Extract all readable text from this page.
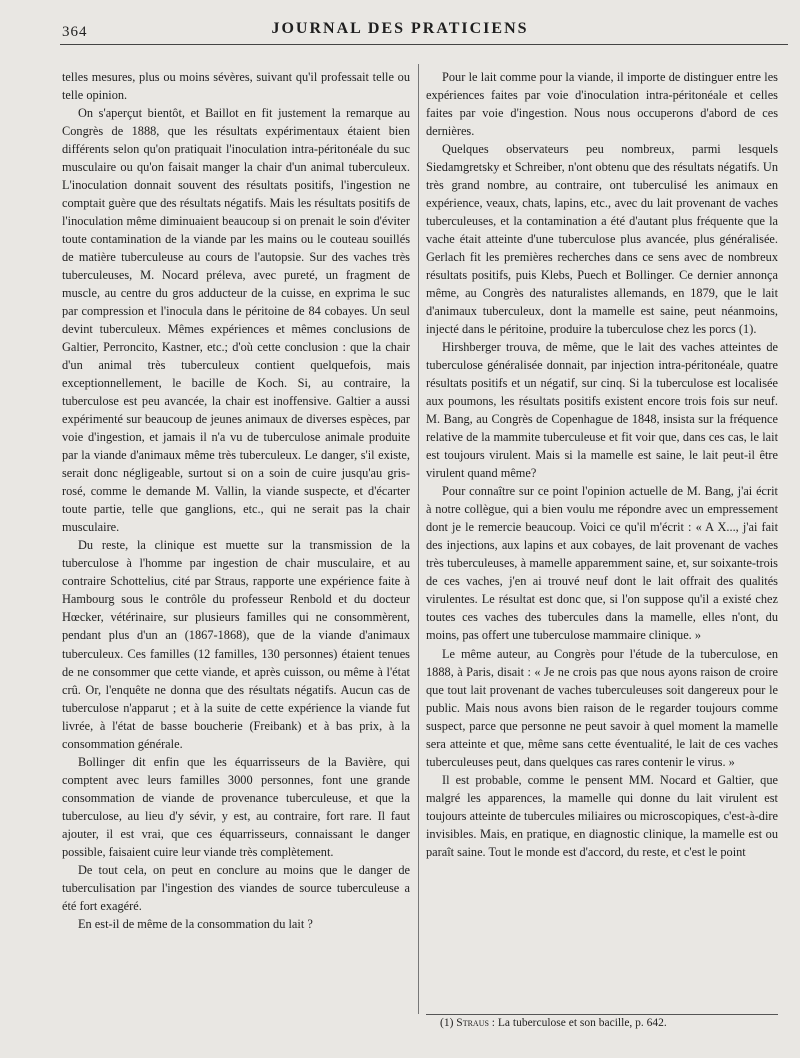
364	JOURNAL DES PRATICIENS

telles mesures, plus ou moins sévères, suivant qu'il professait telle ou telle opinion.

On s'aperçut bientôt, et Baillot en fit justement la remarque au Congrès de 1888, que les résultats expérimentaux étaient bien différents selon qu'on pratiquait l'inoculation intra-péritonéale du suc musculaire ou qu'on faisait manger la chair d'un animal tuberculeux. L'inoculation donnait souvent des résultats positifs, l'ingestion ne comptait guère que des résultats négatifs. Mais les résultats positifs de l'inoculation même diminuaient beaucoup si on prenait le soin d'éviter toute contamination de la viande par les mains ou le couteau souillés de matière tuberculeuse au cours de l'autopsie. Sur des vaches très tuberculeuses, M. Nocard préleva, avec pureté, un fragment de muscle, au centre du gros adducteur de la cuisse, en exprima le suc par compression et l'inocula dans le péritoine de 84 cobayes. Un seul devint tuberculeux. Mêmes expériences et mêmes conclusions de Galtier, Perroncito, Kastner, etc.; d'où cette conclusion : que la chair d'un animal très tuberculeux contient quelquefois, mais exceptionnellement, le bacille de Koch. Si, au contraire, la tuberculose est peu avancée, la chair est inoffensive. Galtier a aussi expérimenté sur beaucoup de jeunes animaux de diverses espèces, par voie d'ingestion, et jamais il n'a vu de tuberculose animale produite par la viande d'animaux même très tuberculeux. Le danger, s'il existe, serait donc négligeable, surtout si on a soin de cuire jusqu'au gris-rosé, comme le demande M. Vallin, la viande suspecte, et d'écarter toute partie, telle que ganglions, etc., qui ne serait pas la chair musculaire.

Du reste, la clinique est muette sur la transmission de la tuberculose à l'homme par ingestion de chair musculaire, et au contraire Schottelius, cité par Straus, rapporte une expérience faite à Hambourg sous le contrôle du professeur Renbold et du docteur Hœcker, vétérinaire, sur plusieurs familles qui ne consommèrent, pendant plus d'un an (1867-1868), que de la viande d'animaux tuberculeux. Ces familles (12 familles, 130 personnes) étaient tenues de ne consommer que cette viande, et après cuisson, ou même à l'état crû. Or, l'enquête ne donna que des résultats négatifs. Aucun cas de tuberculose n'apparut ; et à la suite de cette expérience la viande fut livrée, à l'état de basse boucherie (Freibank) et à bas prix, à la consommation générale.

Bollinger dit enfin que les équarrisseurs de la Bavière, qui comptent avec leurs familles 3000 personnes, font une grande consommation de viande de provenance tuberculeuse, et que la tuberculose, au lieu d'y sévir, y est, au contraire, fort rare. Il faut ajouter, il est vrai, que ces équarrisseurs, connaissant le danger possible, faisaient cuire leur viande très complètement.

De tout cela, on peut en conclure au moins que le danger de tuberculisation par l'ingestion des viandes de source tuberculeuse a été fort exagéré.

En est-il de même de la consommation du lait ?

Pour le lait comme pour la viande, il importe de distinguer entre les expériences faites par voie d'inoculation intra-péritonéale et celles faites par voie d'ingestion. Nous nous occuperons d'abord de ces dernières.

Quelques observateurs peu nombreux, parmi lesquels Siedamgretsky et Schreiber, n'ont obtenu que des résultats négatifs. Un très grand nombre, au contraire, ont tuberculisé les animaux en expérience, veaux, chats, lapins, etc., avec du lait provenant de vaches tuberculeuses, et la contamination a été d'autant plus fréquente que la vache était atteinte d'une tuberculose plus avancée, plus généralisée. Gerlach fit les premières recherches dans ce sens avec de nombreux résultats positifs, puis Klebs, Puech et Bollinger. Ce dernier annonça même, au Congrès des naturalistes allemands, en 1879, que le lait d'animaux tuberculeux, dont la mamelle est saine, peut néanmoins, injecté dans le péritoine, produire la tuberculose chez les porcs (1).

Hirshberger trouva, de même, que le lait des vaches atteintes de tuberculose généralisée donnait, par injection intra-péritonéale, quatre résultats positifs et un négatif, sur cinq. Si la tuberculose est localisée aux poumons, les résultats positifs existent encore trois fois sur neuf. M. Bang, au Congrès de Copenhague de 1848, insista sur la fréquence relative de la mammite tuberculeuse et fit voir que, dans ces cas, le lait est toujours virulent. Mais si la mamelle est saine, le lait peut-il être virulent quand même?

Pour connaître sur ce point l'opinion actuelle de M. Bang, j'ai écrit à notre collègue, qui a bien voulu me répondre avec un empressement dont je le remercie beaucoup. Voici ce qu'il m'écrit : « A X..., j'ai fait des injections, aux lapins et aux cobayes, de lait provenant de vaches très tuberculeuses, à mamelle apparemment saine, et, sur soixante-trois de ces vaches, j'en ai trouvé neuf dont le lait offrait des qualités virulentes. Le résultat est donc que, si l'on suppose qu'il a existé chez toutes ces vaches des tubercules dans la mamelle, elles n'ont, du moins, pas offert une tuberculose mammaire clinique. »

Le même auteur, au Congrès pour l'étude de la tuberculose, en 1888, à Paris, disait : « Je ne crois pas que nous ayons raison de croire que tout lait provenant de vaches tuberculeuses soit dangereux pour le public. Mais nous avons bien raison de le regarder toujours comme suspect, parce que personne ne peut savoir à quel moment la mamelle sera atteinte et que, même sans cette éventualité, le lait de ces vaches tuberculeuses peut, dans quelques cas rares contenir le virus. »

Il est probable, comme le pensent MM. Nocard et Galtier, que malgré les apparences, la mamelle qui donne du lait virulent est toujours atteinte de tubercules miliaires ou microscopiques, c'est-à-dire invisibles. Mais, en pratique, en diagnostic clinique, la mamelle est ou paraît saine. Tout le monde est d'accord, du reste, et c'est le point

(1) Straus : La tuberculose et son bacille, p. 642.
